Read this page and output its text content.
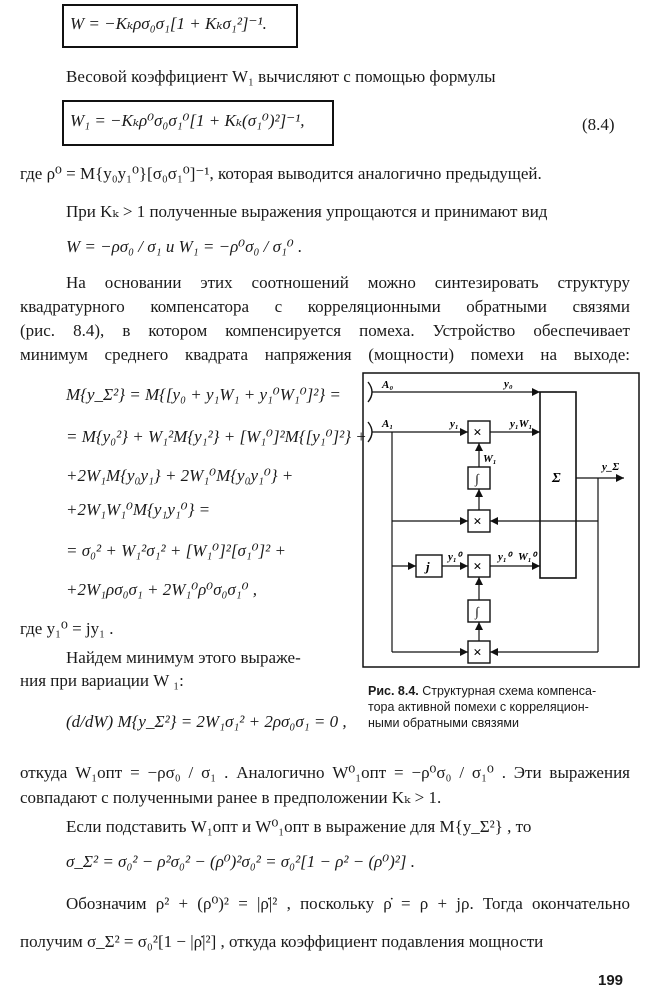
W = −Kₖρσ₀σ₁[1 + Kₖσ₁²]⁻¹.
Весовой коэффициент W₁ вычисляют с помощью формулы
W₁ = −Kₖρ⁰σ₀σ₁⁰[1 + Kₖ(σ₁⁰)²]⁻¹,	(8.4)
где ρ⁰ = M{y₀y₁⁰}[σ₀σ₁⁰]⁻¹, которая выводится аналогично предыдущей.
При Kₖ > 1 полученные выражения упрощаются и принимают вид
W = −ρσ₀ / σ₁ и W₁ = −ρ⁰σ₀ / σ₁⁰ .
На основании этих соотношений можно синтезировать структуру
квадратурного компенсатора с корреляционными обратными связями
(рис. 8.4), в котором компенсируется помеха. Устройство обеспечивает
минимум среднего квадрата напряжения (мощности) помехи на выходе:
M{y_Σ²} = M{[y₀ + y₁W₁ + y₁⁰W₁⁰]²} =
= M{y₀²} + W₁²M{y₁²} + [W₁⁰]²M{[y₁⁰]²} +
+2W₁M{y₀y₁} + 2W₁⁰M{y₀y₁⁰} +
+2W₁W₁⁰M{y₁y₁⁰} =
= σ₀² + W₁²σ₁² + [W₁⁰]²[σ₁⁰]² +
+2W₁ρσ₀σ₁ + 2W₁⁰ρ⁰σ₀σ₁⁰ ,
где y₁⁰ = jy₁ .
Найдем минимум этого выраже-
ния при вариации W ₁:
(d/dW) M{y_Σ²} = 2W₁σ₁² + 2ρσ₀σ₁ = 0 ,
Σ
A₀	y₀
A₁	y₁
×
y₁W₁
W₁
∫
×
y_Σ
j
y₁⁰
×
y₁⁰ W₁⁰
∫
×
Рис. 8.4. Структурная схема компенса-
тора активной помехи с корреляцион-
ными обратными связями
откуда W₁опт = −ρσ₀ / σ₁ . Аналогично W⁰₁опт = −ρ⁰σ₀ / σ₁⁰ . Эти выражения
совпадают с полученными ранее в предположении Kₖ > 1.
Если подставить W₁опт и W⁰₁опт в выражение для M{y_Σ²} , то
σ_Σ² = σ₀² − ρ²σ₀² − (ρ⁰)²σ₀² = σ₀²[1 − ρ² − (ρ⁰)²] .
Обозначим ρ² + (ρ⁰)² = |ρ̇|² , поскольку ρ̇ = ρ + jρ. Тогда окончательно
получим σ_Σ² = σ₀²[1 − |ρ̇|²] , откуда коэффициент подавления мощности
199
